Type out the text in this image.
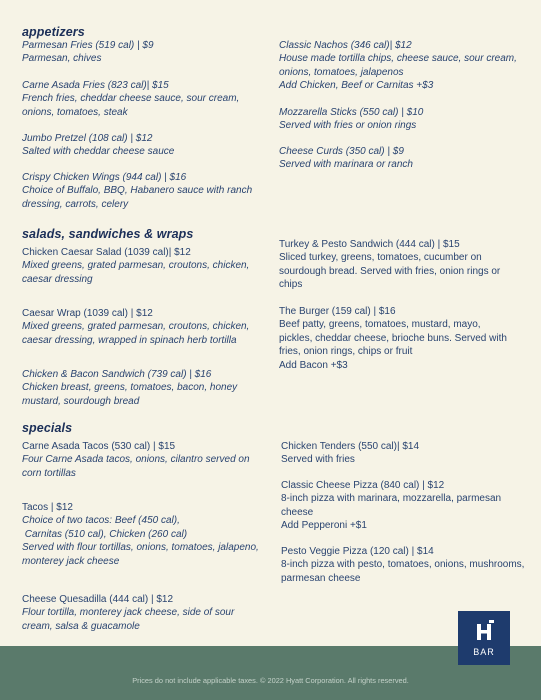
appetizers
Parmesan Fries (519 cal) | $9
Parmesan, chives
Carne Asada Fries (823 cal)| $15
French fries, cheddar cheese sauce, sour cream, onions, tomatoes, steak
Jumbo Pretzel (108 cal) | $12
Salted with cheddar cheese sauce
Crispy Chicken Wings (944 cal) | $16
Choice of Buffalo, BBQ, Habanero sauce with ranch dressing, carrots, celery
Classic Nachos (346 cal)| $12
House made tortilla chips, cheese sauce, sour cream, onions, tomatoes, jalapenos
Add Chicken, Beef or Carnitas +$3
Mozzarella Sticks (550 cal) | $10
Served with fries or onion rings
Cheese Curds (350 cal) | $9
Served with marinara or ranch
salads, sandwiches & wraps
Chicken Caesar Salad (1039 cal)| $12
Mixed greens, grated parmesan, croutons, chicken, caesar dressing
Caesar Wrap (1039 cal) | $12
Mixed greens, grated parmesan, croutons, chicken, caesar dressing, wrapped in spinach herb tortilla
Chicken & Bacon Sandwich (739 cal) | $16
Chicken breast, greens, tomatoes, bacon, honey mustard, sourdough bread
Turkey & Pesto Sandwich (444 cal) | $15
Sliced turkey, greens, tomatoes, cucumber on sourdough bread. Served with fries, onion rings or chips
The Burger (159 cal) | $16
Beef patty, greens, tomatoes, mustard, mayo, pickles, cheddar cheese, brioche buns. Served with fries, onion rings, chips or fruit
Add Bacon +$3
specials
Carne Asada Tacos (530 cal) | $15
Four Carne Asada tacos, onions, cilantro served on corn tortillas
Tacos | $12
Choice of two tacos: Beef (450 cal),
Carnitas (510 cal), Chicken (260 cal)
Served with flour tortillas, onions, tomatoes, jalapeno, monterey jack cheese
Cheese Quesadilla (444 cal) | $12
Flour tortilla, monterey jack cheese, side of sour cream, salsa & guacamole
Chicken Tenders (550 cal)| $14
Served with fries
Classic Cheese Pizza (840 cal) | $12
8-inch pizza with marinara, mozzarella, parmesan cheese
Add Pepperoni +$1
Pesto Veggie Pizza (120 cal) | $14
8-inch pizza with pesto, tomatoes, onions, mushrooms, parmesan cheese
Prices do not include applicable taxes. © 2022 Hyatt Corporation. All rights reserved.
BAR
